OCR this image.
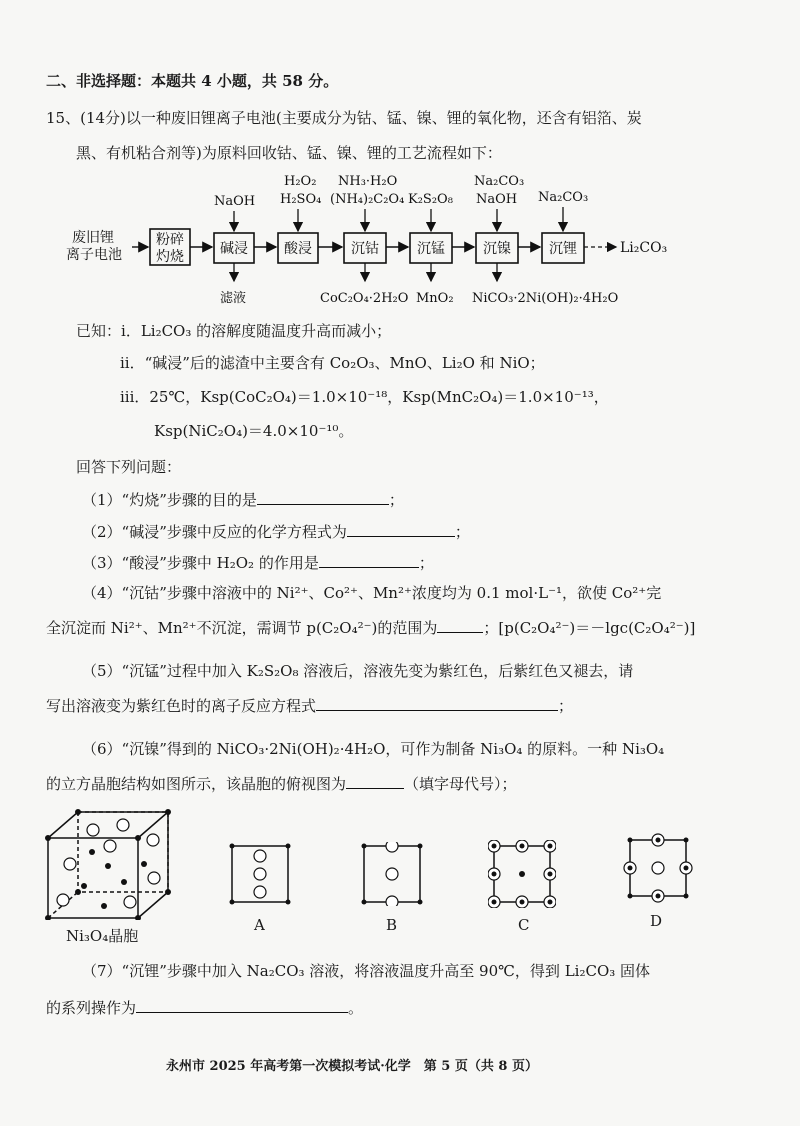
二、非选择题：本题共 4 小题，共 58 分。
15、(14分)以一种废旧锂离子电池(主要成分为钴、锰、镍、锂的氧化物，还含有铝箔、炭
黑、有机粘合剂等)为原料回收钴、锰、镍、锂的工艺流程如下：
废旧锂
离子电池
粉碎
灼烧	碱浸	酸浸	沉钴	沉锰	沉镍	沉锂	Li₂CO₃
NaOH
H₂O₂
H₂SO₄
NH₃·H₂O
(NH₄)₂C₂O₄ K₂S₂O₈
Na₂CO₃
NaOH Na₂CO₃
滤液	CoC₂O₄·2H₂O MnO₂ NiCO₃·2Ni(OH)₂·4H₂O
已知：i．Li₂CO₃ 的溶解度随温度升高而减小；
ii．“碱浸”后的滤渣中主要含有 Co₂O₃、MnO、Li₂O 和 NiO；
iii．25℃，Ksp(CoC₂O₄)＝1.0×10⁻¹⁸，Ksp(MnC₂O₄)＝1.0×10⁻¹³，
Ksp(NiC₂O₄)＝4.0×10⁻¹⁰。
回答下列问题：
（1）“灼烧”步骤的目的是	；
（2）“碱浸”步骤中反应的化学方程式为	；
（3）“酸浸”步骤中 H₂O₂ 的作用是	；
（4）“沉钴”步骤中溶液中的 Ni²⁺、Co²⁺、Mn²⁺浓度均为 0.1 mol·L⁻¹，欲使 Co²⁺完
全沉淀而 Ni²⁺、Mn²⁺不沉淀，需调节 p(C₂O₄²⁻)的范围为	；[p(C₂O₄²⁻)＝－lgc(C₂O₄²⁻)]
（5）“沉锰”过程中加入 K₂S₂O₈ 溶液后，溶液先变为紫红色，后紫红色又褪去，请
写出溶液变为紫红色时的离子反应方程式	；
（6）“沉镍”得到的 NiCO₃·2Ni(OH)₂·4H₂O，可作为制备 Ni₃O₄ 的原料。一种 Ni₃O₄
的立方晶胞结构如图所示，该晶胞的俯视图为	（填字母代号）；
Ni₃O₄晶胞
A	B	C	D
（7）“沉锂”步骤中加入 Na₂CO₃ 溶液，将溶液温度升高至 90℃，得到 Li₂CO₃ 固体
的系列操作为	。
永州市 2025 年高考第一次模拟考试·化学　第 5 页（共 8 页）
